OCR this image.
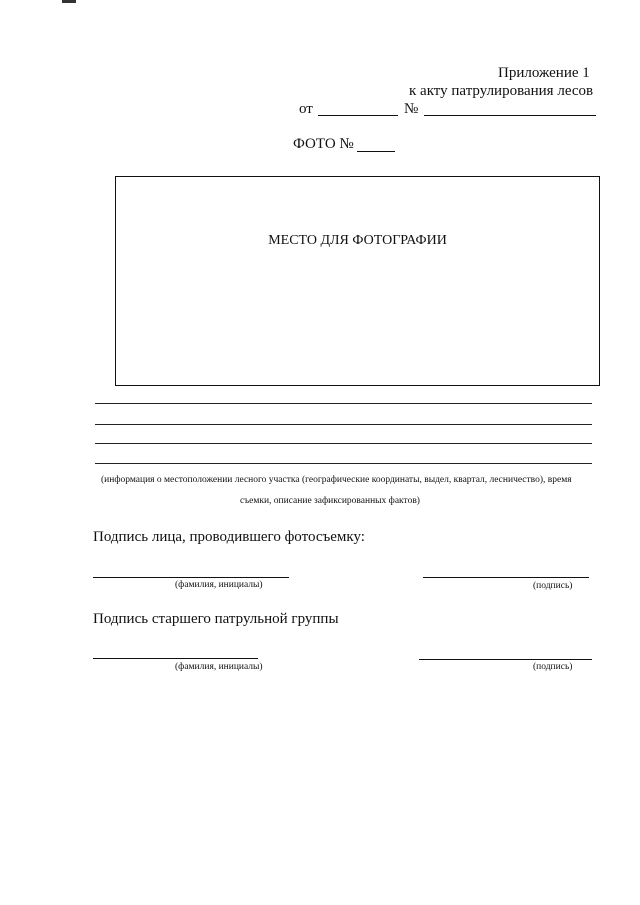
Приложение 1
к акту патрулирования лесов
от	№
ФОТО №
МЕСТО ДЛЯ ФОТОГРАФИИ
(информация о местоположении лесного участка (географические координаты, выдел, квартал, лесничество), время
съемки, описание зафиксированных фактов)
Подпись лица, проводившего фотосъемку:
(фамилия, инициалы)	(подпись)
Подпись старшего патрульной группы
(фамилия, инициалы)	(подпись)
